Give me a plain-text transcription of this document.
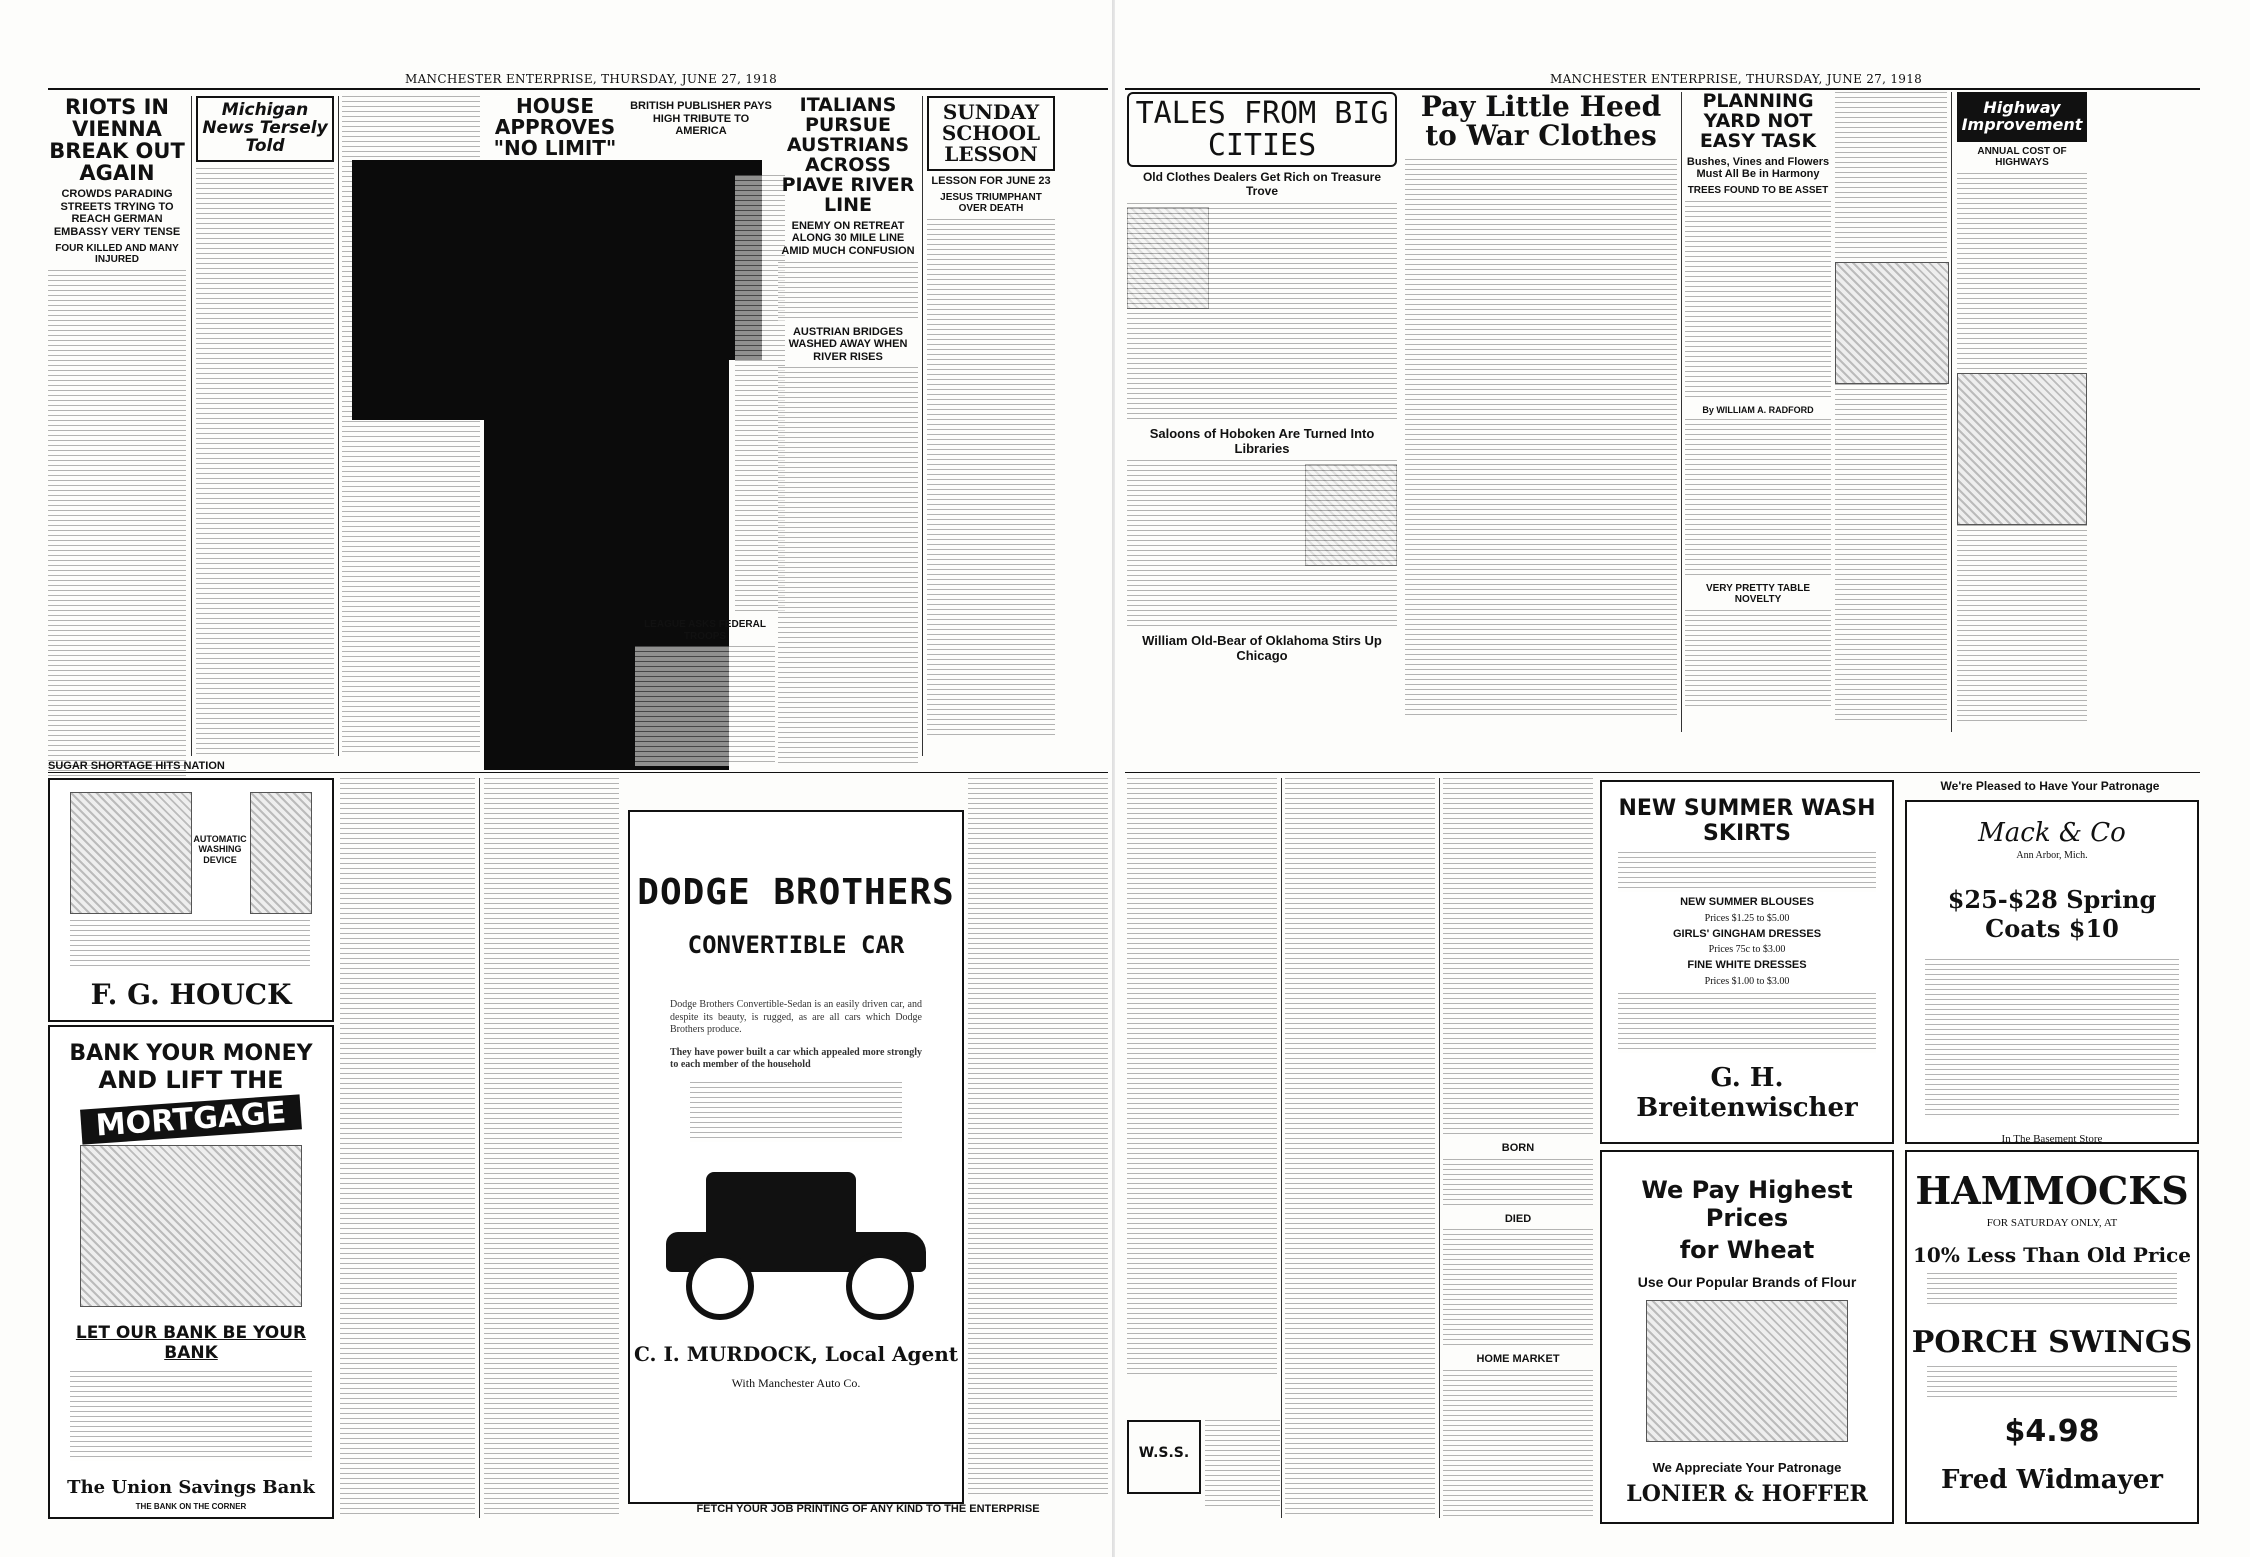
MANCHESTER ENTERPRISE, THURSDAY, JUNE 27, 1918

RIOTS IN VIENNA BREAK OUT AGAIN

CROWDS PARADING STREETS TRYING TO REACH GERMAN EMBASSY VERY TENSE

FOUR KILLED AND MANY INJURED

Michigan News Tersely Told

HOUSE APPROVES "NO LIMIT"

BRITISH PUBLISHER PAYS HIGH TRIBUTE TO AMERICA

ITALIANS PURSUE AUSTRIANS ACROSS PIAVE RIVER LINE

ENEMY ON RETREAT ALONG 30 MILE LINE AMID MUCH CONFUSION

AUSTRIAN BRIDGES WASHED AWAY WHEN RIVER RISES

SUNDAY SCHOOL LESSON

LESSON FOR JUNE 23

JESUS TRIUMPHANT OVER DEATH

LEAGUE ASKS FEDERAL TROOPS

SUGAR SHORTAGE HITS NATION

AUTOMATIC WASHING DEVICE

F. G. HOUCK

BANK YOUR MONEY

AND LIFT THE

MORTGAGE

LET OUR BANK BE YOUR BANK

The Union Savings Bank

THE BANK ON THE CORNER

DODGE BROTHERS

CONVERTIBLE CAR

Dodge Brothers Convertible-Sedan is an easily driven car, and despite its beauty, is rugged, as are all cars which Dodge Brothers produce.

They have power built a car which appealed more strongly to each member of the household

C. I. MURDOCK, Local Agent

With Manchester Auto Co.

FETCH YOUR JOB PRINTING OF ANY KIND TO THE ENTERPRISE

MANCHESTER ENTERPRISE, THURSDAY, JUNE 27, 1918

TALES FROM BIG CITIES

Old Clothes Dealers Get Rich on Treasure Trove

Saloons of Hoboken Are Turned Into Libraries

William Old-Bear of Oklahoma Stirs Up Chicago

Pay Little Heed to War Clothes

PLANNING YARD NOT EASY TASK

Bushes, Vines and Flowers Must All Be in Harmony

TREES FOUND TO BE ASSET

By WILLIAM A. RADFORD

VERY PRETTY TABLE NOVELTY

Highway Improvement

ANNUAL COST OF HIGHWAYS

W.S.S.

BORN

DIED

HOME MARKET

NEW SUMMER WASH SKIRTS

NEW SUMMER BLOUSES

Prices $1.25 to $5.00

GIRLS' GINGHAM DRESSES

Prices 75c to $3.00

FINE WHITE DRESSES

Prices $1.00 to $3.00

G. H. Breitenwischer

We're Pleased to Have Your Patronage

Mack & Co

Ann Arbor, Mich.

$25-$28 Spring Coats $10

In The Basement Store

We Pay Highest Prices

for Wheat

Use Our Popular Brands of Flour

We Appreciate Your Patronage

LONIER & HOFFER

HAMMOCKS

FOR SATURDAY ONLY, AT

10% Less Than Old Price

PORCH SWINGS

$4.98

Fred Widmayer
